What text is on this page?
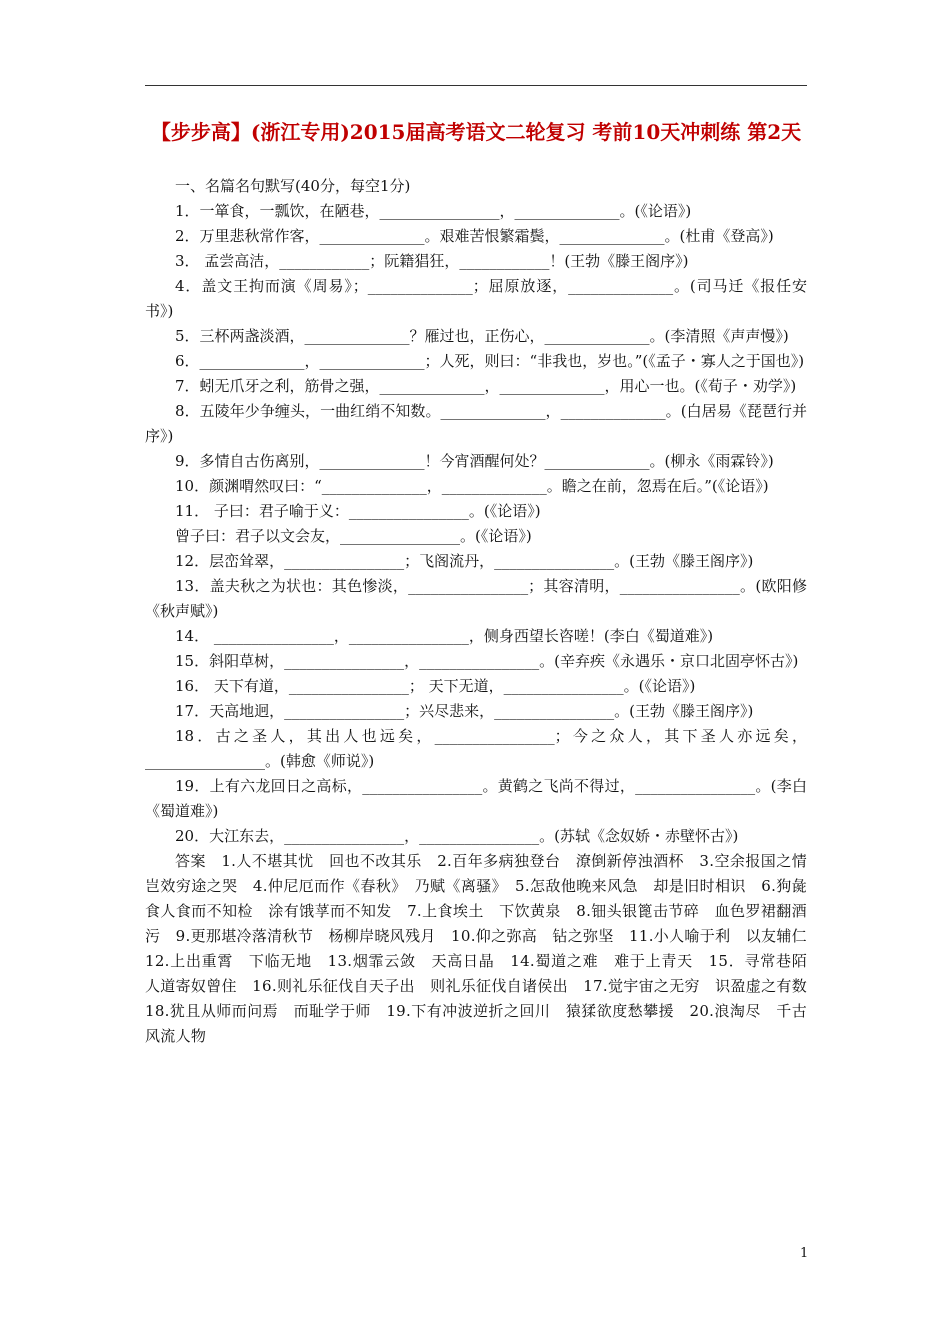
【步步高】(浙江专用)2015届高考语文二轮复习 考前10天冲刺练 第2天

一、名篇名句默写(40分，每空1分)

1．一箪食，一瓢饮，在陋巷，________________，______________。(《论语》)

2．万里悲秋常作客，______________。艰难苦恨繁霜鬓，______________。(杜甫《登高》)

3． 孟尝高洁，____________；阮籍猖狂，____________！(王勃《滕王阁序》)

4．盖文王拘而演《周易》；______________；屈原放逐，______________。(司马迁《报任安书》)

5．三杯两盏淡酒，______________？雁过也，正伤心，______________。(李清照《声声慢》)

6．______________，______________；人死，则曰：“非我也，岁也。”(《孟子・寡人之于国也》)

7．蚓无爪牙之利，筋骨之强，______________，______________，用心一也。(《荀子・劝学》)

8．五陵年少争缠头，一曲红绡不知数。______________，______________。(白居易《琵琶行并序》)

9．多情自古伤离别，______________！今宵酒醒何处？______________。(柳永《雨霖铃》)

10．颜渊喟然叹曰：“______________，______________。瞻之在前，忽焉在后。”(《论语》)

11． 子曰：君子喻于义：________________。(《论语》)

曾子曰：君子以文会友，________________。(《论语》)

12．层峦耸翠，________________；飞阁流丹，________________。(王勃《滕王阁序》)

13．盖夫秋之为状也：其色惨淡，________________；其容清明，________________。(欧阳修《秋声赋》)

14． ________________，________________，侧身西望长咨嗟！(李白《蜀道难》)

15．斜阳草树，________________，________________。(辛弃疾《永遇乐・京口北固亭怀古》)

16． 天下有道，________________； 天下无道，________________。(《论语》)

17．天高地迥，________________；兴尽悲来，________________。(王勃《滕王阁序》)

18．古之圣人，其出人也远矣，________________；今之众人，其下圣人亦远矣，________________。(韩愈《师说》)

19．上有六龙回日之高标，________________。黄鹤之飞尚不得过，________________。(李白《蜀道难》)

20．大江东去，________________，________________。(苏轼《念奴娇・赤壁怀古》)

答案　1.人不堪其忧　回也不改其乐　2.百年多病独登台　潦倒新停浊酒杯　3.空余报国之情　岂效穷途之哭　4.仲尼厄而作《春秋》　乃赋《离骚》　5.怎敌他晚来风急　却是旧时相识　6.狗彘食人食而不知检　涂有饿莩而不知发　7.上食埃土　下饮黄泉　8.钿头银篦击节碎　血色罗裙翻酒污　9.更那堪冷落清秋节　杨柳岸晓风残月　10.仰之弥高　钻之弥坚　11.小人喻于利　以友辅仁　12.上出重霄　下临无地　13.烟霏云敛　天高日晶　14.蜀道之难　难于上青天　15．寻常巷陌　人道寄奴曾住　16.则礼乐征伐自天子出　则礼乐征伐自诸侯出　17.觉宇宙之无穷　识盈虚之有数　18.犹且从师而问焉　而耻学于师　19.下有冲波逆折之回川　猿猱欲度愁攀援　20.浪淘尽　千古风流人物

1
